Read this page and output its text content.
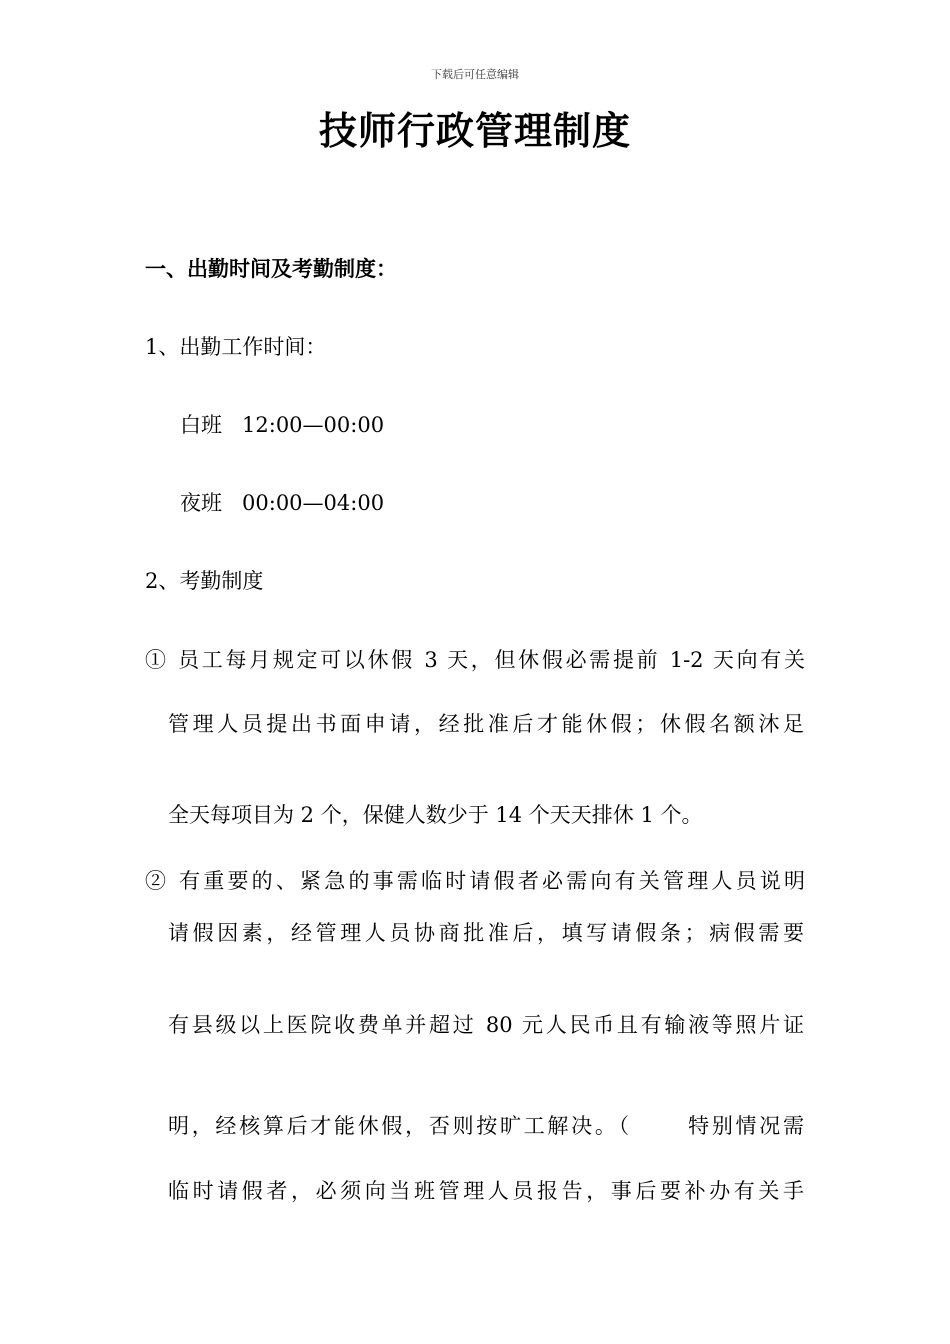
下载后可任意编辑
技师行政管理制度
一、出勤时间及考勤制度：
1、出勤工作时间：
白班   12:00—00:00
夜班   00:00—04:00
2、考勤制度
① 员工每月规定可以休假 3 天，但休假必需提前 1-2 天向有关
管理人员提出书面申请，经批准后才能休假；休假名额沐足
全天每项目为 2 个，保健人数少于 14 个天天排休 1 个。
② 有重要的、紧急的事需临时请假者必需向有关管理人员说明
请假因素，经管理人员协商批准后，填写请假条；病假需要
有县级以上医院收费单并超过 80 元人民币且有输液等照片证
明，经核算后才能休假，否则按旷工解决。（      特别情况需
临时请假者，必须向当班管理人员报告，事后要补办有关手
